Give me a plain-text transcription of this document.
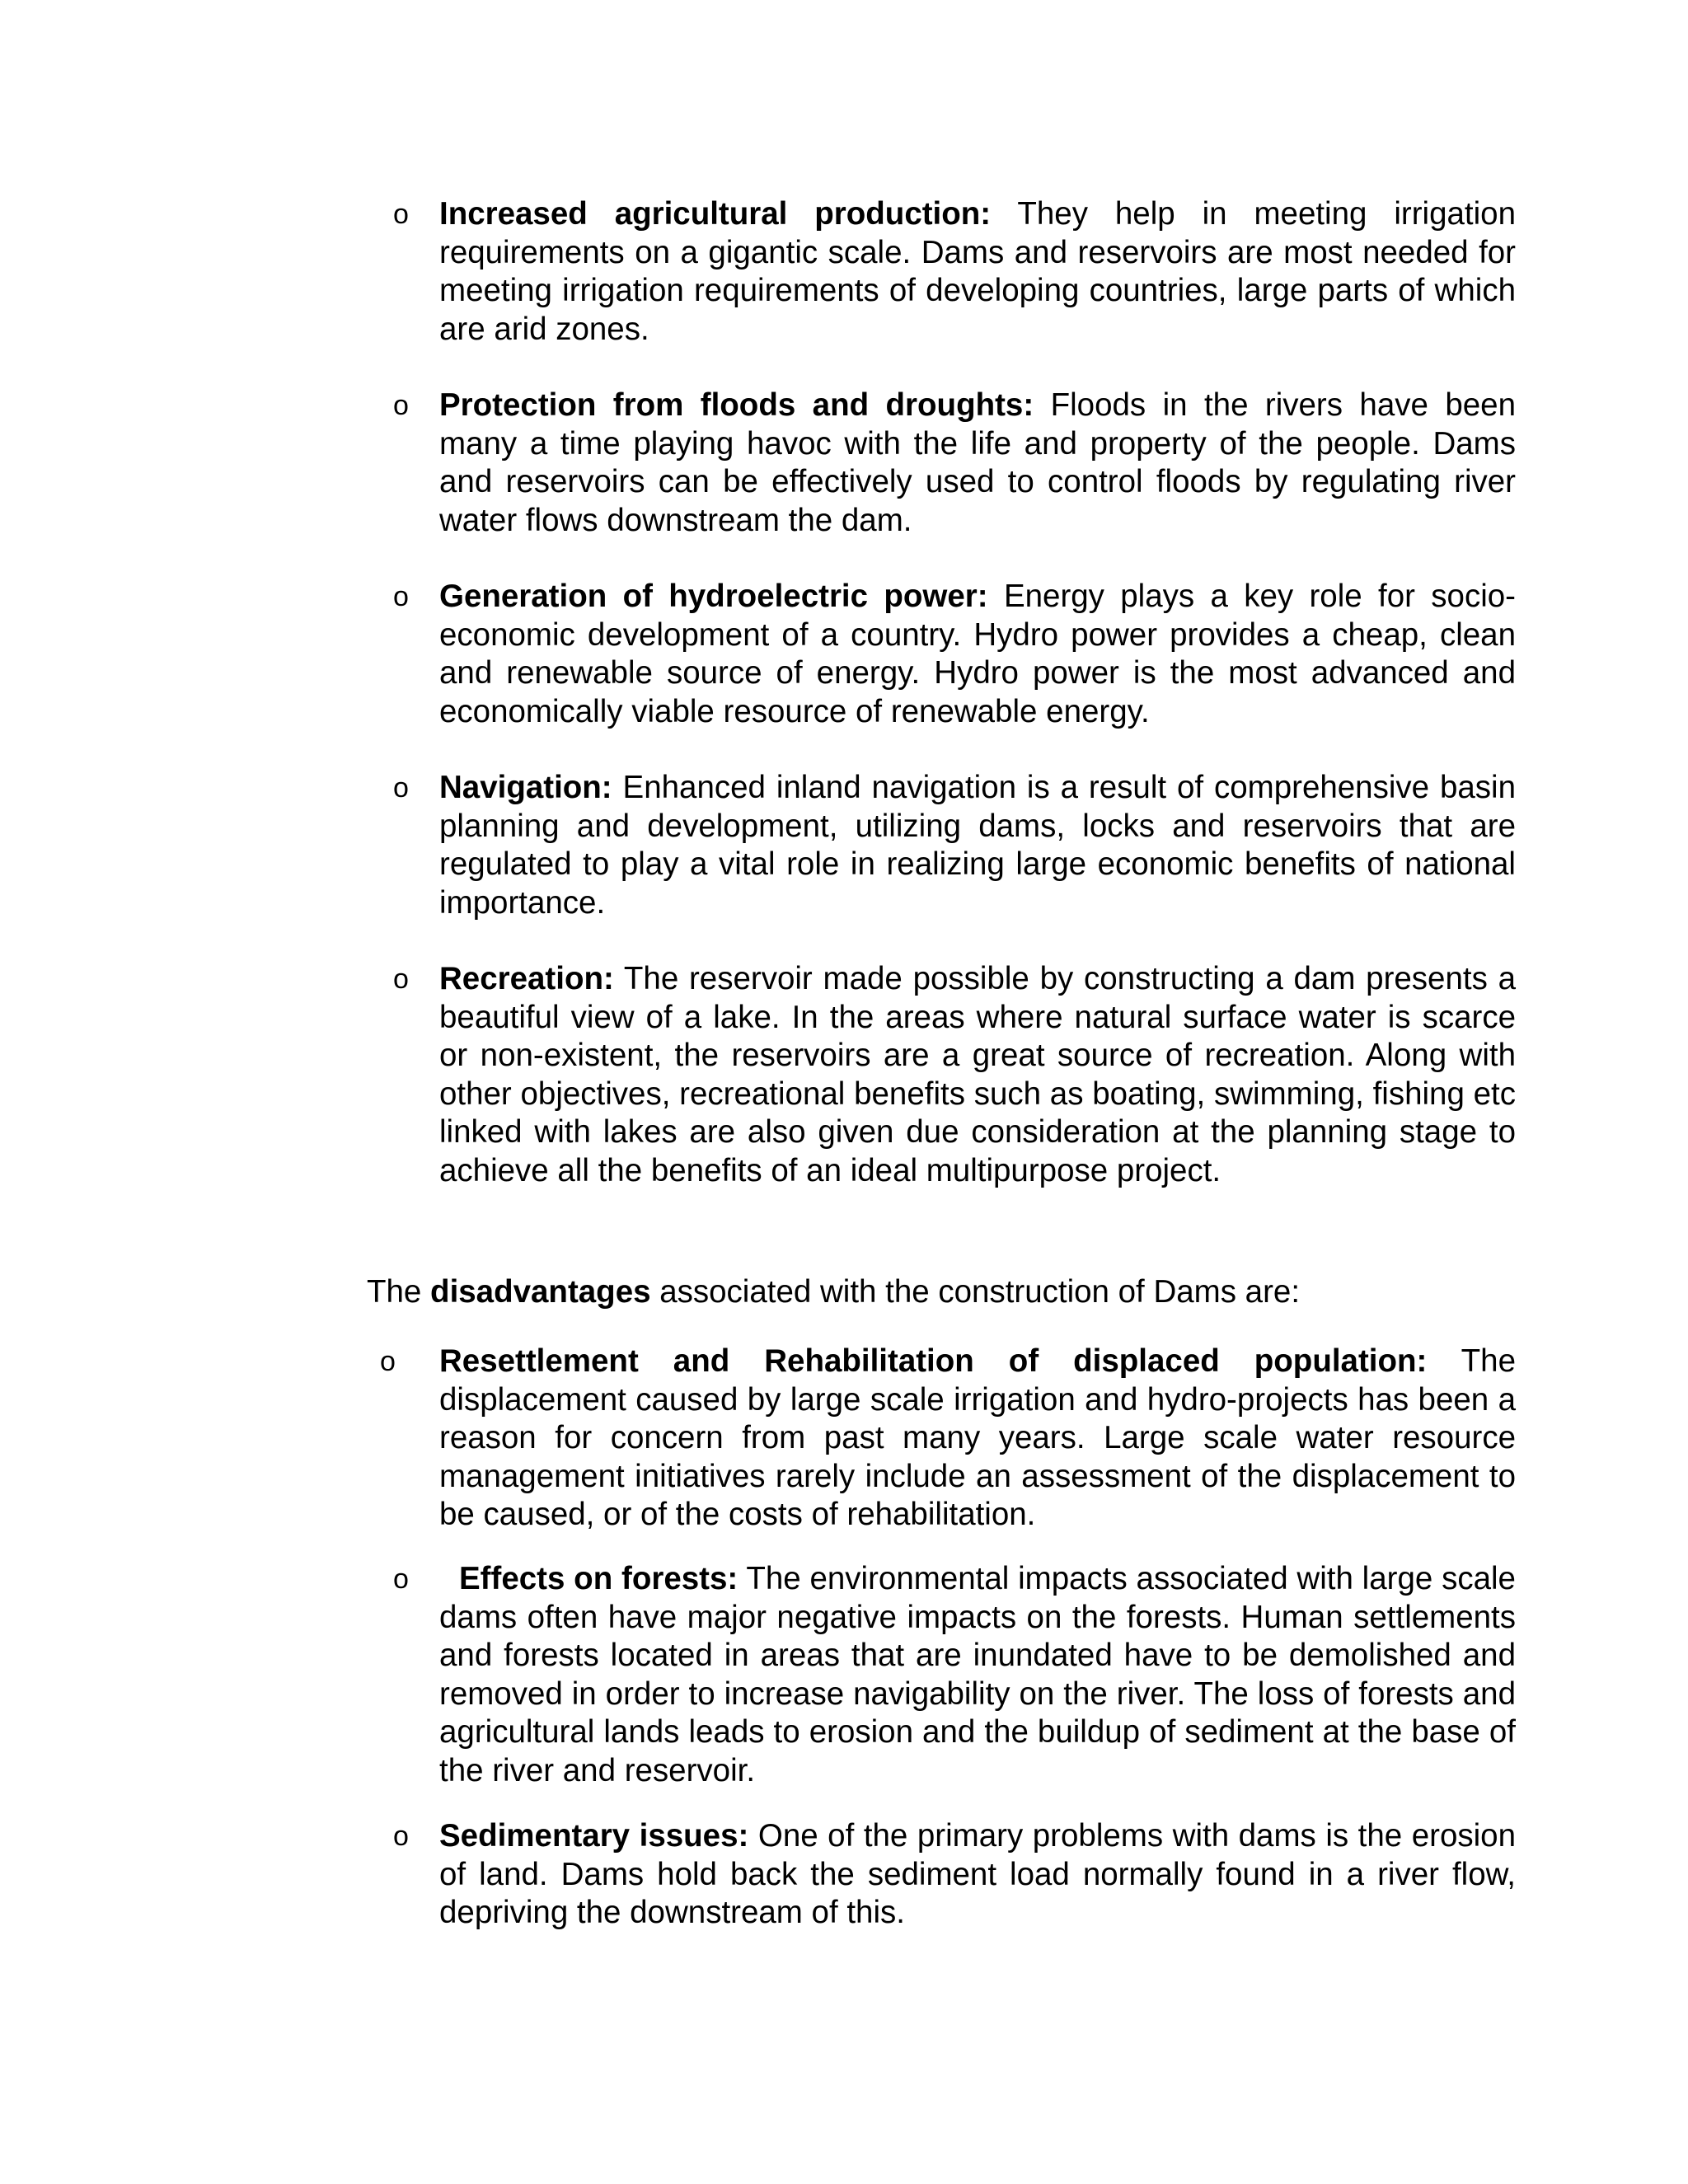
o Increased agricultural production: They help in meeting irrigation requirements on a gigantic scale. Dams and reservoirs are most needed for meeting irrigation requirements of developing countries, large parts of which are arid zones.
o Protection from floods and droughts: Floods in the rivers have been many a time playing havoc with the life and property of the people. Dams and reservoirs can be effectively used to control floods by regulating river water flows downstream the dam.
o Generation of hydroelectric power: Energy plays a key role for socio-economic development of a country. Hydro power provides a cheap, clean and renewable source of energy. Hydro power is the most advanced and economically viable resource of renewable energy.
o Navigation: Enhanced inland navigation is a result of comprehensive basin planning and development, utilizing dams, locks and reservoirs that are regulated to play a vital role in realizing large economic benefits of national importance.
o Recreation: The reservoir made possible by constructing a dam presents a beautiful view of a lake. In the areas where natural surface water is scarce or non-existent, the reservoirs are a great source of recreation. Along with other objectives, recreational benefits such as boating, swimming, fishing etc linked with lakes are also given due consideration at the planning stage to achieve all the benefits of an ideal multipurpose project.
The disadvantages associated with the construction of Dams are:
o Resettlement and Rehabilitation of displaced population: The displacement caused by large scale irrigation and hydro-projects has been a reason for concern from past many years. Large scale water resource management initiatives rarely include an assessment of the displacement to be caused, or of the costs of rehabilitation.
o Effects on forests: The environmental impacts associated with large scale dams often have major negative impacts on the forests. Human settlements and forests located in areas that are inundated have to be demolished and removed in order to increase navigability on the river. The loss of forests and agricultural lands leads to erosion and the buildup of sediment at the base of the river and reservoir.
o Sedimentary issues: One of the primary problems with dams is the erosion of land. Dams hold back the sediment load normally found in a river flow, depriving the downstream of this.
